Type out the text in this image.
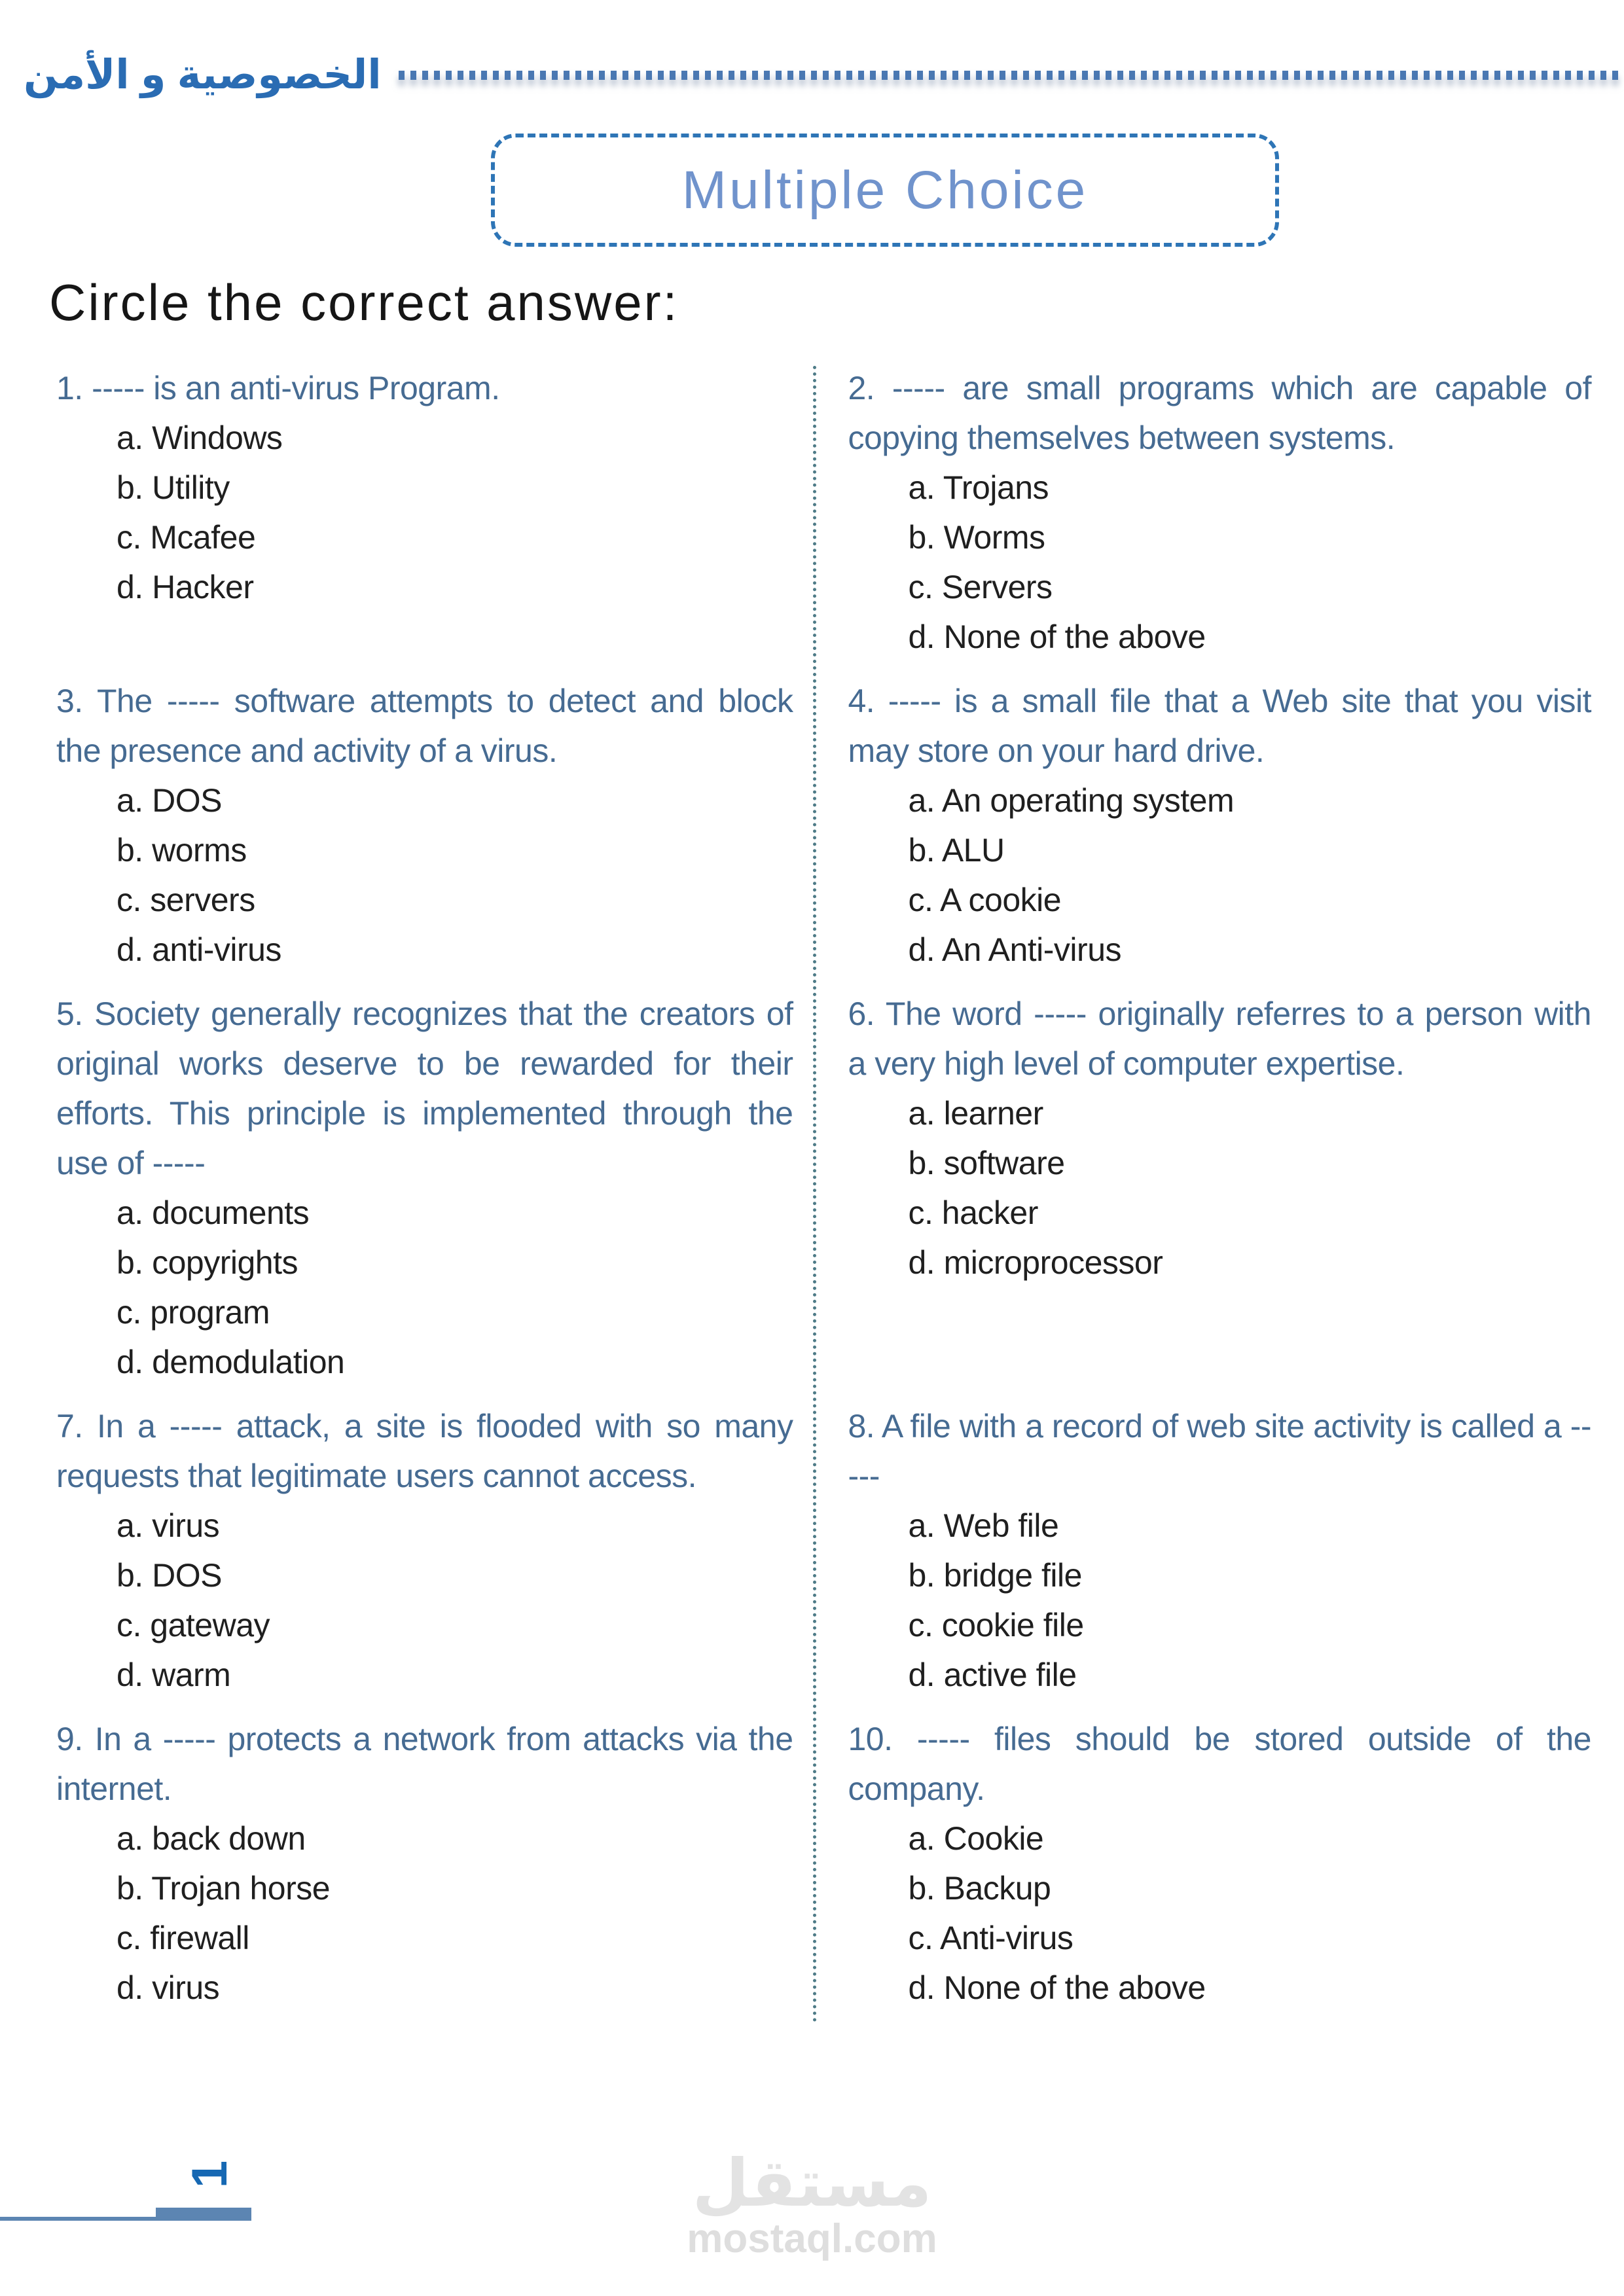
الخصوصية و الأمن
Multiple Choice
Circle the correct answer:

1. ----- is an anti-virus Program.

a. Windows
b. Utility
c. Mcafee
d. Hacker

2. ----- are small programs which are capable of copying themselves between systems.

a. Trojans
b. Worms
c. Servers
d. None of the above

3. The ----- software attempts to detect and block the presence and activity of a virus.

a. DOS
b. worms
c. servers
d. anti-virus

4. ----- is a small file that a Web site that you visit may store on your hard drive.

a. An operating system
b. ALU
c. A cookie
d. An Anti-virus

5. Society generally recognizes that the creators of original works deserve to be rewarded for their efforts. This principle is implemented through the use of -----

a. documents
b. copyrights
c. program
d. demodulation

6. The word ----- originally referres to a person with a very high level of computer expertise.

a. learner
b. software
c. hacker
d. microprocessor

7. In a ----- attack, a site is flooded with so many requests that legitimate users cannot access.

a. virus
b. DOS
c. gateway
d. warm

8. A file with a record of web site activity is called a -----

a. Web file
b. bridge file
c. cookie file
d. active file

9. In a ----- protects a network from attacks via the internet.

a. back down
b. Trojan horse
c. firewall
d. virus

10. ----- files should be stored outside of the company.

a. Cookie
b. Backup
c. Anti-virus
d. None of the above
1	مستقل
mostaql.com
